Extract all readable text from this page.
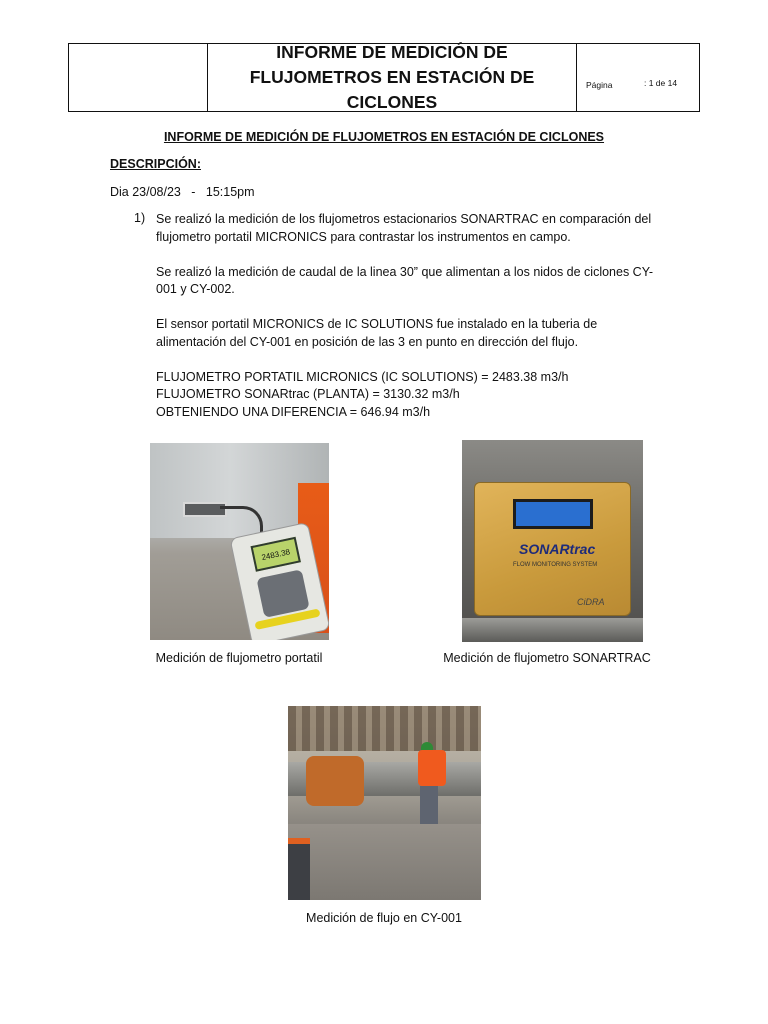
INFORME DE MEDICIÓN DE
FLUJOMETROS EN ESTACIÓN DE CICLONES
Página	: 1 de 14
INFORME DE MEDICIÓN DE FLUJOMETROS EN ESTACIÓN DE CICLONES
DESCRIPCIÓN:
Dia 23/08/23   -   15:15pm
1) Se realizó la medición de los flujometros estacionarios SONARTRAC en comparación del flujometro portatil MICRONICS para contrastar los instrumentos en campo.

Se realizó la medición de caudal de la linea 30” que alimentan a los nidos de ciclones CY-001 y CY-002.

El sensor portatil MICRONICS de IC SOLUTIONS fue instalado en la tuberia de alimentación del CY-001 en posición de las 3 en punto en dirección del flujo.

FLUJOMETRO PORTATIL MICRONICS (IC SOLUTIONS) = 2483.38 m3/h
FLUJOMETRO SONARtrac (PLANTA) = 3130.32 m3/h
OBTENIENDO UNA DIFERENCIA = 646.94 m3/h
2483.38
Medición de flujometro portatil
SONARtrac
FLOW MONITORING SYSTEM
CiDRA
Medición de flujometro SONARTRAC
Medición de flujo en CY-001
